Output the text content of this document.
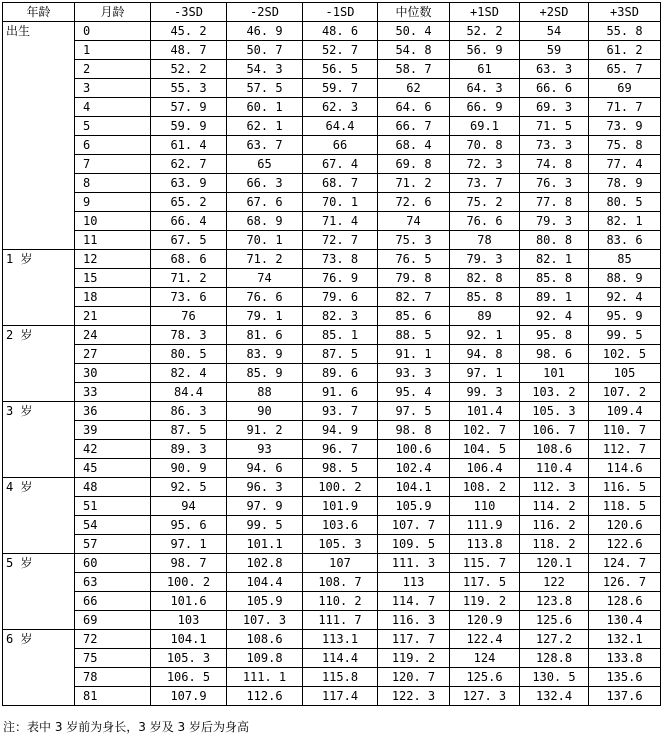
年龄	月龄	-3SD	-2SD	-1SD	中位数	+1SD	+2SD	+3SD
出生	0	45. 2	46. 9	48. 6	50. 4	52. 2	54	55. 8
	1	48. 7	50. 7	52. 7	54. 8	56. 9	59	61. 2
	2	52. 2	54. 3	56. 5	58. 7	61	63. 3	65. 7
	3	55. 3	57. 5	59. 7	62	64. 3	66. 6	69
	4	57. 9	60. 1	62. 3	64. 6	66. 9	69. 3	71. 7
	5	59. 9	62. 1	64.4	66. 7	69.1	71. 5	73. 9
	6	61. 4	63. 7	66	68. 4	70. 8	73. 3	75. 8
	7	62. 7	65	67. 4	69. 8	72. 3	74. 8	77. 4
	8	63. 9	66. 3	68. 7	71. 2	73. 7	76. 3	78. 9
	9	65. 2	67. 6	70. 1	72. 6	75. 2	77. 8	80. 5
	10	66. 4	68. 9	71. 4	74	76. 6	79. 3	82. 1
	11	67. 5	70. 1	72. 7	75. 3	78	80. 8	83. 6
1 岁	12	68. 6	71. 2	73. 8	76. 5	79. 3	82. 1	85
	15	71. 2	74	76. 9	79. 8	82. 8	85. 8	88. 9
	18	73. 6	76. 6	79. 6	82. 7	85. 8	89. 1	92. 4
	21	76	79. 1	82. 3	85. 6	89	92. 4	95. 9
2 岁	24	78. 3	81. 6	85. 1	88. 5	92. 1	95. 8	99. 5
	27	80. 5	83. 9	87. 5	91. 1	94. 8	98. 6	102. 5
	30	82. 4	85. 9	89. 6	93. 3	97. 1	101	105
	33	84.4	88	91. 6	95. 4	99. 3	103. 2	107. 2
3 岁	36	86. 3	90	93. 7	97. 5	101.4	105. 3	109.4
	39	87. 5	91. 2	94. 9	98. 8	102. 7	106. 7	110. 7
	42	89. 3	93	96. 7	100.6	104. 5	108.6	112. 7
	45	90. 9	94. 6	98. 5	102.4	106.4	110.4	114.6
4 岁	48	92. 5	96. 3	100. 2	104.1	108. 2	112. 3	116. 5
	51	94	97. 9	101.9	105.9	110	114. 2	118. 5
	54	95. 6	99. 5	103.6	107. 7	111.9	116. 2	120.6
	57	97. 1	101.1	105. 3	109. 5	113.8	118. 2	122.6
5 岁	60	98. 7	102.8	107	111. 3	115. 7	120.1	124. 7
	63	100. 2	104.4	108. 7	113	117. 5	122	126. 7
	66	101.6	105.9	110. 2	114. 7	119. 2	123.8	128.6
	69	103	107. 3	111. 7	116. 3	120.9	125.6	130.4
6 岁	72	104.1	108.6	113.1	117. 7	122.4	127.2	132.1
	75	105. 3	109.8	114.4	119. 2	124	128.8	133.8
	78	106. 5	111. 1	115.8	120. 7	125.6	130. 5	135.6
	81	107.9	112.6	117.4	122. 3	127. 3	132.4	137.6
注：表中 3 岁前为身长，3 岁及 3 岁后为身高
